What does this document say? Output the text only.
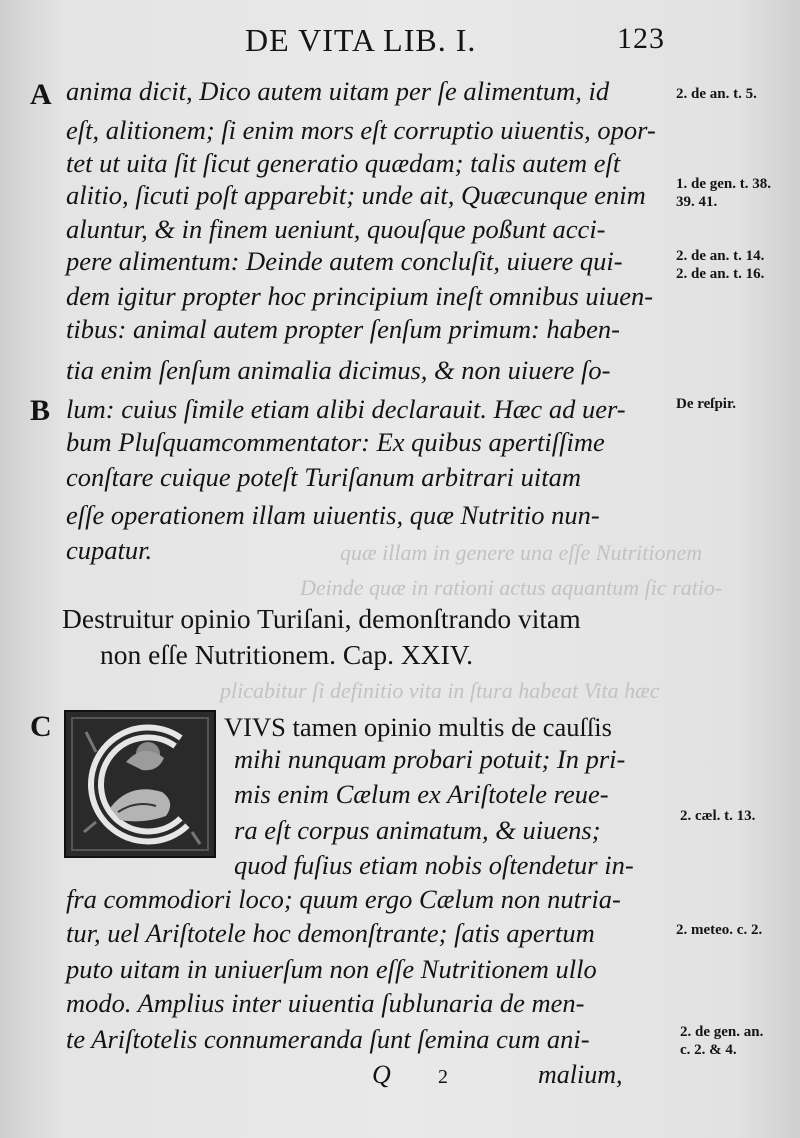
quæ illam in genere una eſſe Nutritionem
Deinde quæ in rationi actus aquantum ſic ratio-
plicabitur ſi definitio vita in ſtura habeat Vita hæc
DE VITA LIB. I.	123
A
B
C
anima dicit, Dico autem uitam per ſe alimentum, id
eſt, alitionem; ſi enim mors eſt corruptio uiuentis, opor-
tet ut uita ſit ſicut generatio quædam; talis autem eſt
alitio, ſicuti poſt apparebit; unde ait, Quæcunque enim
aluntur, & in finem ueniunt, quouſque poßunt acci-
pere alimentum: Deinde autem concluſit, uiuere qui-
dem igitur propter hoc principium ineſt omnibus uiuen-
tibus: animal autem propter ſenſum primum: haben-
tia enim ſenſum animalia dicimus, & non uiuere ſo-
lum: cuius ſimile etiam alibi declarauit. Hæc ad uer-
bum Pluſquamcommentator: Ex quibus apertiſſime
conſtare cuique poteſt Turiſanum arbitrari uitam
eſſe operationem illam uiuentis, quæ Nutritio nun-
cupatur.
Destruitur opinio Turiſani, demonſtrando vitam
non eſſe Nutritionem. Cap. XXIV.
VIVS tamen opinio multis de cauſſis
mihi nunquam probari potuit; In pri-
mis enim Cælum ex Ariſtotele reue-
ra eſt corpus animatum, & uiuens;
quod fuſius etiam nobis oſtendetur in-
fra commodiori loco; quum ergo Cælum non nutria-
tur, uel Ariſtotele hoc demonſtrante; ſatis apertum
puto uitam in uniuerſum non eſſe Nutritionem ullo
modo. Amplius inter uiuentia ſublunaria de men-
te Ariſtotelis connumeranda ſunt ſemina cum ani-
2. de an. t. 5.
1. de gen. t. 38.
39. 41.
2. de an. t. 14.
2. de an. t. 16.
De reſpir.
2. cæl. t. 13.
2. meteo. c. 2.
2. de gen. an.
c. 2. & 4.
Q 2	malium,
